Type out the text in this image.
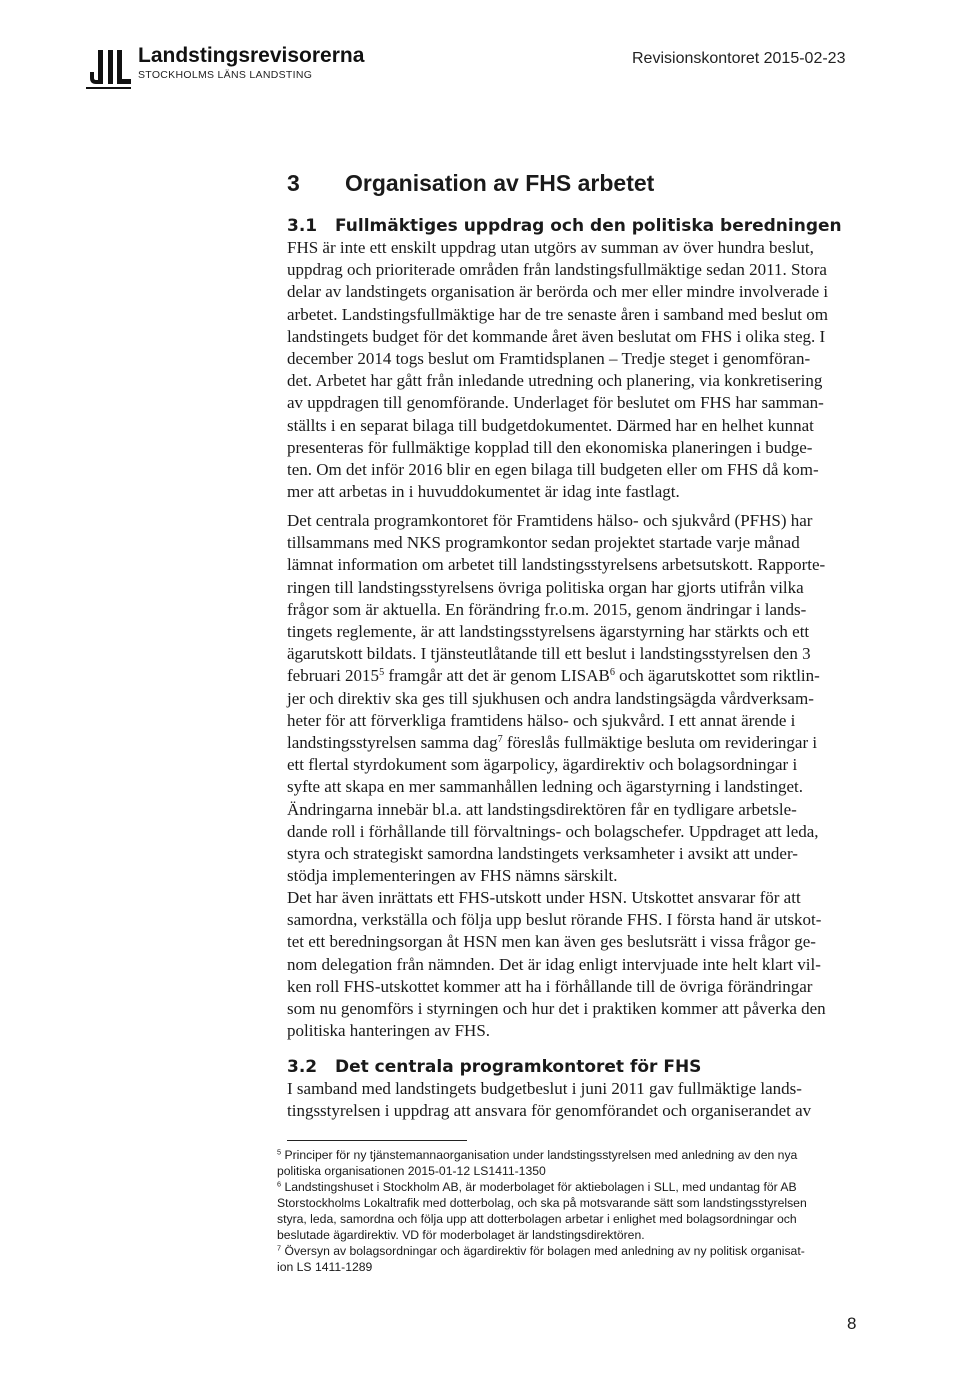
Landstingsrevisorerna
STOCKHOLMS LÄNS LANDSTING
Revisionskontoret 2015-02-23
3	Organisation av FHS arbetet
3.1	Fullmäktiges uppdrag och den politiska beredningen
FHS är inte ett enskilt uppdrag utan utgörs av summan av över hundra beslut,
uppdrag och prioriterade områden från landstingsfullmäktige sedan 2011. Stora
delar av landstingets organisation är berörda och mer eller mindre involverade i
arbetet. Landstingsfullmäktige har de tre senaste åren i samband med beslut om
landstingets budget för det kommande året även beslutat om FHS i olika steg. I
december 2014 togs beslut om Framtidsplanen – Tredje steget i genomföran-
det. Arbetet har gått från inledande utredning och planering, via konkretisering
av uppdragen till genomförande. Underlaget för beslutet om FHS har samman-
ställts i en separat bilaga till budgetdokumentet. Därmed har en helhet kunnat
presenteras för fullmäktige kopplad till den ekonomiska planeringen i budge-
ten. Om det inför 2016 blir en egen bilaga till budgeten eller om FHS då kom-
mer att arbetas in i huvuddokumentet är idag inte fastlagt.
Det centrala programkontoret för Framtidens hälso- och sjukvård (PFHS) har
tillsammans med NKS programkontor sedan projektet startade varje månad
lämnat information om arbetet till landstingsstyrelsens arbetsutskott. Rapporte-
ringen till landstingsstyrelsens övriga politiska organ har gjorts utifrån vilka
frågor som är aktuella. En förändring fr.o.m. 2015, genom ändringar i lands-
tingets reglemente, är att landstingsstyrelsens ägarstyrning har stärkts och ett
ägarutskott bildats. I tjänsteutlåtande till ett beslut i landstingsstyrelsen den 3
februari 2015$^5$ framgår att det är genom LISAB$^6$ och ägarutskottet som riktlin-
jer och direktiv ska ges till sjukhusen och andra landstingsägda vårdverksam-
heter för att förverkliga framtidens hälso- och sjukvård. I ett annat ärende i
landstingsstyrelsen samma dag$^7$ föreslås fullmäktige besluta om revideringar i
ett flertal styrdokument som ägarpolicy, ägardirektiv och bolagsordningar i
syfte att skapa en mer sammanhållen ledning och ägarstyrning i landstinget.
Ändringarna innebär bl.a. att landstingsdirektören får en tydligare arbetsle-
dande roll i förhållande till förvaltnings- och bolagschefer. Uppdraget att leda,
styra och strategiskt samordna landstingets verksamheter i avsikt att under-
stödja implementeringen av FHS nämns särskilt.
Det har även inrättats ett FHS-utskott under HSN. Utskottet ansvarar för att
samordna, verkställa och följa upp beslut rörande FHS. I första hand är utskot-
tet ett beredningsorgan åt HSN men kan även ges beslutsrätt i vissa frågor ge-
nom delegation från nämnden. Det är idag enligt intervjuade inte helt klart vil-
ken roll FHS-utskottet kommer att ha i förhållande till de övriga förändringar
som nu genomförs i styrningen och hur det i praktiken kommer att påverka den
politiska hanteringen av FHS.
3.2	Det centrala programkontoret för FHS
I samband med landstingets budgetbeslut i juni 2011 gav fullmäktige lands-
tingsstyrelsen i uppdrag att ansvara för genomförandet och organiserandet av
$^5$ Principer för ny tjänstemannaorganisation under landstingsstyrelsen med anledning av den nya
politiska organisationen 2015-01-12 LS1411-1350
$^6$ Landstingshuset i Stockholm AB, är moderbolaget för aktiebolagen i SLL, med undantag för AB
Storstockholms Lokaltrafik med dotterbolag, och ska på motsvarande sätt som landstingsstyrelsen
styra, leda, samordna och följa upp att dotterbolagen arbetar i enlighet med bolagsordningar och
beslutade ägardirektiv. VD för moderbolaget är landstingsdirektören.
$^7$ Översyn av bolagsordningar och ägardirektiv för bolagen med anledning av ny politisk organisat-
ion LS 1411-1289
8
